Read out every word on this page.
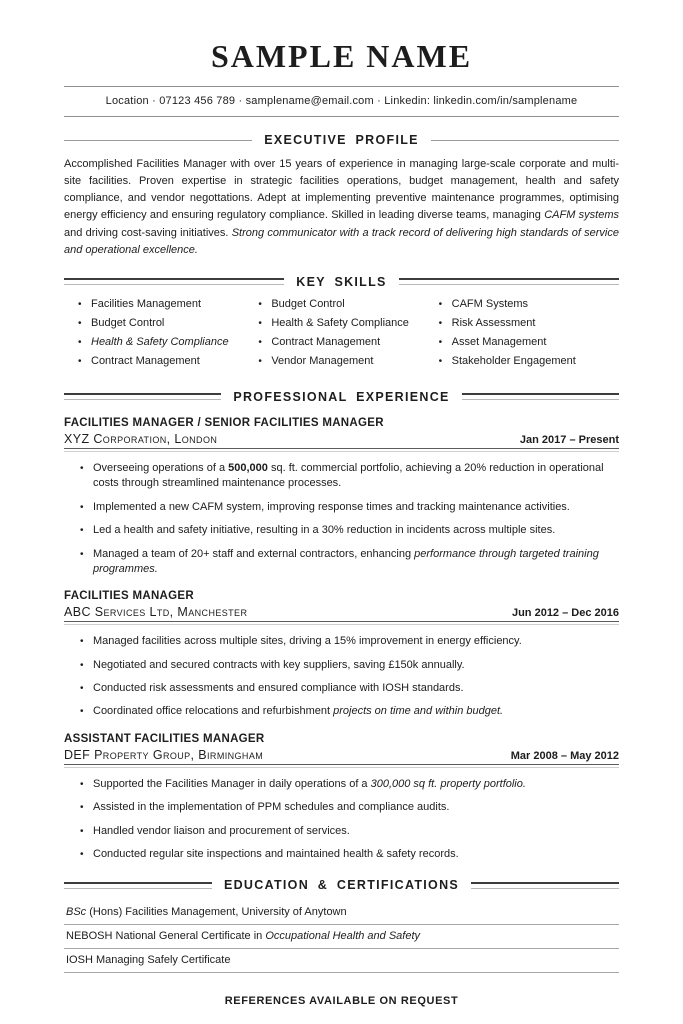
SAMPLE NAME
Location · 07123 456 789 · samplename@email.com · Linkedin: linkedin.com/in/samplename
EXECUTIVE PROFILE

Accomplished Facilities Manager with over 15 years of experience in managing large-scale corporate and multi-site facilities. Proven expertise in strategic facilities operations, budget management, health and safety compliance, and vendor negottations. Adept at implementing preventive maintenance programmes, optimising energy efficiency and ensuring regulatory compliance. Skilled in leading diverse teams, managing CAFM systems and driving cost-saving initiatives. Strong communicator with a track record of delivering high standards of service and operational excellence.

KEY SKILLS
• Facilities Management
• Budget Control
• Health & Safety Compliance
• Contract Management
• Budget Control
• Health & Safety Compliance
• Contract Management
• Vendor Management
• CAFM Systems
• Risk Assessment
• Asset Management
• Stakeholder Engagement
PROFESSIONAL EXPERIENCE
FACILITIES MANAGER / SENIOR FACILITIES MANAGER
XYZ Corporation, London	Jan 2017 – Present
• Overseeing operations of a 500,000 sq. ft. commercial portfolio, achieving a 20% reduction in operational costs through streamlined maintenance processes.
• Implemented a new CAFM system, improving response times and tracking maintenance activities.
• Led a health and safety initiative, resulting in a 30% reduction in incidents across multiple sites.
• Managed a team of 20+ staff and external contractors, enhancing performance through targeted training programmes.
FACILITIES MANAGER
ABC Services Ltd, Manchester	Jun 2012 – Dec 2016
• Managed facilities across multiple sites, driving a 15% improvement in energy efficiency.
• Negotiated and secured contracts with key suppliers, saving £150k annually.
• Conducted risk assessments and ensured compliance with IOSH standards.
• Coordinated office relocations and refurbishment projects on time and within budget.
ASSISTANT FACILITIES MANAGER
DEF Property Group, Birmingham	Mar 2008 – May 2012
• Supported the Facilities Manager in daily operations of a 300,000 sq ft. property portfolio.
• Assisted in the implementation of PPM schedules and compliance audits.
• Handled vendor liaison and procurement of services.
• Conducted regular site inspections and maintained health & safety records.
EDUCATION & CERTIFICATIONS
BSc (Hons) Facilities Management, University of Anytown
NEBOSH National General Certificate in Occupational Health and Safety
IOSH Managing Safely Certificate
REFERENCES AVAILABLE ON REQUEST
